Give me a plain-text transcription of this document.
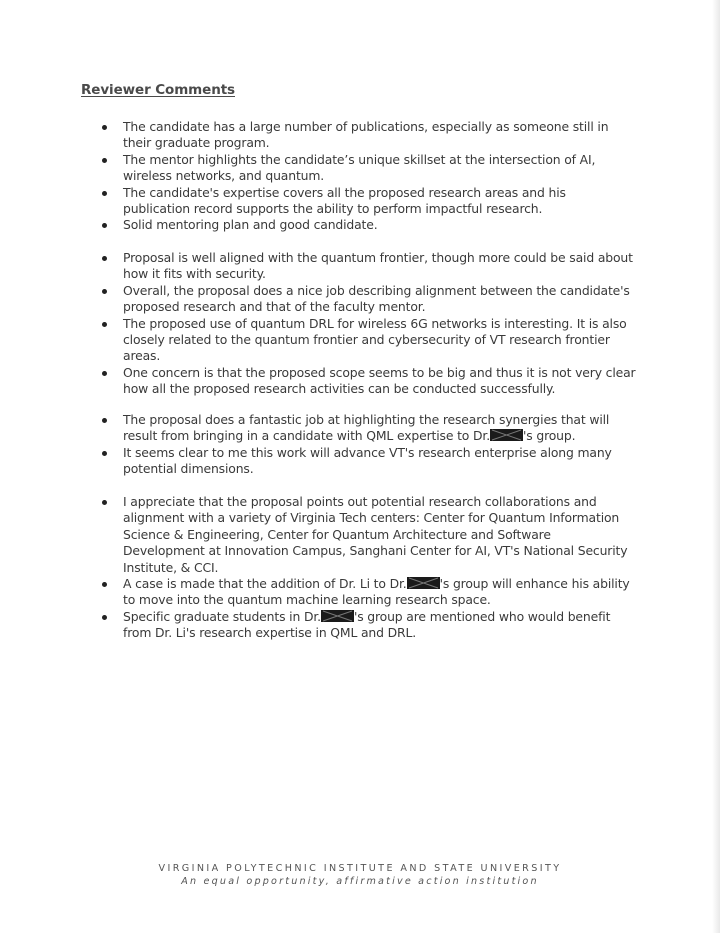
Reviewer Comments
The candidate has a large number of publications, especially as someone still in their graduate program.
The mentor highlights the candidate’s unique skillset at the intersection of AI, wireless networks, and quantum.
The candidate's expertise covers all the proposed research areas and his publication record supports the ability to perform impactful research.
Solid mentoring plan and good candidate.
Proposal is well aligned with the quantum frontier, though more could be said about how it fits with security.
Overall, the proposal does a nice job describing alignment between the candidate's proposed research and that of the faculty mentor.
The proposed use of quantum DRL for wireless 6G networks is interesting. It is also closely related to the quantum frontier and cybersecurity of VT research frontier areas.
One concern is that the proposed scope seems to be big and thus it is not very clear how all the proposed research activities can be conducted successfully.
The proposal does a fantastic job at highlighting the research synergies that will result from bringing in a candidate with QML expertise to Dr.	's group.
It seems clear to me this work will advance VT's research enterprise along many potential dimensions.
I appreciate that the proposal points out potential research collaborations and alignment with a variety of Virginia Tech centers: Center for Quantum Information Science & Engineering, Center for Quantum Architecture and Software Development at Innovation Campus, Sanghani Center for AI, VT's National Security Institute, & CCI.
A case is made that the addition of Dr. Li to Dr.	's group will enhance his ability to move into the quantum machine learning research space.
Specific graduate students in Dr.	's group are mentioned who would benefit from Dr. Li's research expertise in QML and DRL.
VIRGINIA POLYTECHNIC INSTITUTE AND STATE UNIVERSITY
An equal opportunity, affirmative action institution
